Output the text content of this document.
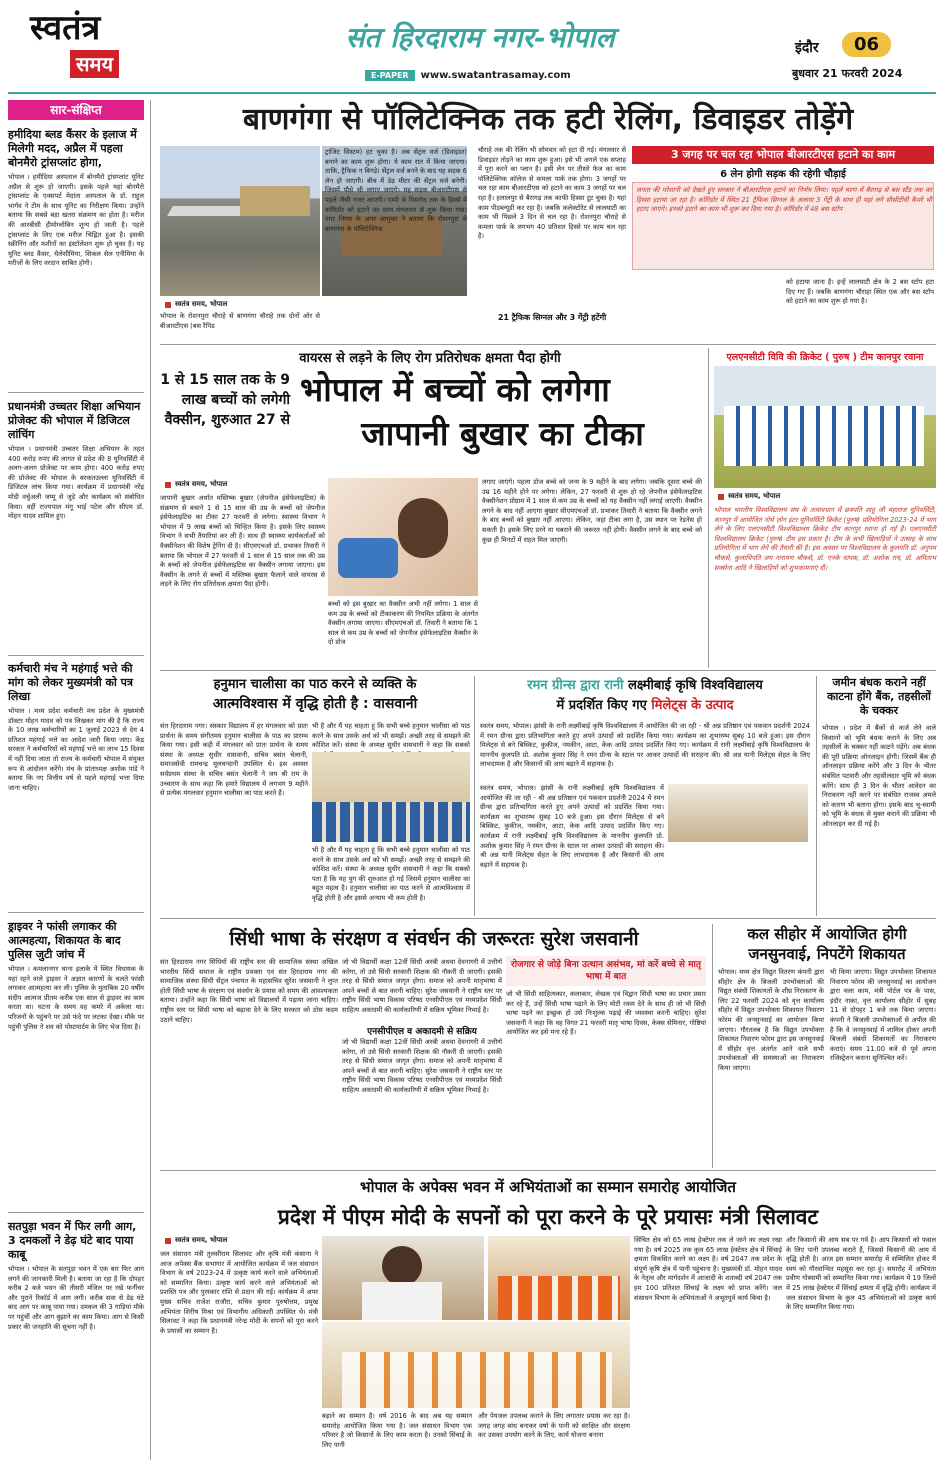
स्वतंत्र
समय
संत हिरदाराम नगर-भोपाल
E-PAPER	www.swatantrasamay.com
इंदौर	06
बुधवार 21 फरवरी 2024
सार-संक्षिप्त
हमीदिया ब्लड कैंसर के इलाज में मिलेगी मदद, अप्रैल में पहला बोनमैरो ट्रांसप्लांट होगा,
भोपाल । हमीदिया अस्पताल में बोनमैरो ट्रांसप्लांट यूनिट अप्रैल से शुरू हो जाएगी। इसके पहले यहां बोनमैरो ट्रांसप्लांट के एक्सपर्ट मेदांता अस्पताल के डॉ. राहुल भार्गव ने टीम के साथ यूनिट का निरीक्षण किया। उन्होंने बताया कि सबसे बड़ा खतरा संक्रमण का होता है। मरीज की आरबीसी हीमोग्लोबिन शून्य हो जाती है। पहले ट्रांसप्लांट के लिए एक मरीज चिह्नित हुआ है। इसकी स्क्रीनिंग और मशीनों का इंस्टॉलेशन शुरू हो चुका है। यह यूनिट ब्लड कैंसर, थैलेसीमिया, सिकल सेल एनीमिया के मरीजों के लिए वरदान साबित होगी।
प्रधानमंत्री उच्चतर शिक्षा अभियान प्रोजेक्ट की भोपाल में डिजिटल लांचिंग
भोपाल । प्रधानमंत्री उच्चतर शिक्षा अभियान के तहत 400 करोड़ रुपए की लागत से प्रदेश की 8 यूनिवर्सिटी में अलग-अलग प्रोजेक्ट पर काम होगा। 400 करोड़ रुपए की प्रोजेक्ट की भोपाल के बरकतउल्ला यूनिवर्सिटी में डिजिटल लांच किया गया। कार्यक्रम में प्रधानमंत्री नरेंद्र मोदी वर्चुअली जम्मू से जुड़े और कार्यक्रम को संबोधित किया। वहीं राज्यपाल मंगू भाई पटेल और सीएम डॉ. मोहन यादव शामिल हुए।
कर्मचारी मंच ने महंगाई भत्ते की मांग को लेकर मुख्यमंत्री को पत्र लिखा
भोपाल । मध्य प्रदेश कर्मचारी मंच प्रदेश के मुख्यमंत्री डॉक्टर मोहन यादव को पत्र लिखकर मांग की है कि राज्य के 10 लाख कर्मचारियों का 1 जुलाई 2023 से देय 4 प्रतिशत महंगाई भत्ते का आदेश जारी किया जाए। केंद्र सरकार ने कर्मचारियों को महंगाई भत्ते का लाभ 15 दिवस में नहीं दिया जाता तो राज्य के कर्मचारी भोपाल में संयुक्त रूप से आंदोलन करेंगे। मंच के प्रांताध्यक्ष अशोक पांडे ने बताया कि नए वित्तीय वर्ष से पहले महंगाई भत्ता दिया जाना चाहिए।
ड्राइवर ने फांसी लगाकर की आत्महत्या, शिकायत के बाद पुलिस जुटी जांच में
भोपाल । कमलानगर थाना इलाके में स्थित विधायक के यहां रहने वाले ड्राइवर ने अज्ञात कारणों के चलते फांसी लगाकर आत्महत्या कर ली। पुलिस के मुताबिक 20 वर्षीय संदीप आत्मज प्रीतम करीब एक साल से ड्राइवर का काम करता था। घटना के समय वह कमरे में अकेला था। परिजनों के पहुंचने पर उसे फंदे पर लटका देखा। मौके पर पहुंची पुलिस ने शव को पोस्टमार्टम के लिए भेज दिया है।
सतपुड़ा भवन में फिर लगी आग, 3 दमकलों ने डेढ़ घंटे बाद पाया काबू
भोपाल । भोपाल के सतपुड़ा भवन में एक बार फिर आग लगने की जानकारी मिली है। बताया जा रहा है कि दोपहर करीब 2 बजे भवन की तीसरी मंजिल पर रखे फर्नीचर और पुराने रिकॉर्ड में आग लगी। करीब सवा से डेढ़ घंटे बाद आग पर काबू पाया गया। दमकल की 3 गाड़ियां मौके पर पहुंचीं और आग बुझाने का काम किया। आग से किसी प्रकार की जनहानि की सूचना नहीं है।
बाणगंगा से पॉलिटेक्निक तक हटी रेलिंग, डिवाइडर तोड़ेंगे
स्वतंत्र समय, भोपाल
भोपाल के रोशनपुरा चौराहे से बाणगंगा चौराहे तक दोनों ओर से बीआरटीएस (बस रैपिड
ट्रांजिट सिस्टम) हट चुका है। अब सेंट्रल वर्ज (डिवाइडर) बनाने का काम शुरू होगा। ये काम रात में किया जाएगा। ताकि, ट्रैफिक न बिगड़े। सेंट्रल वर्ज बनने के बाद यह सड़क 6 लेन हो जाएगी। बीच में डेढ़ मीटर की सेंट्रल वर्ज बनेगी। जिसमें पौधे भी लगाए जाएंगे। यह सड़क बीआरटीएस से पहले जैसी नजर आएगी। एम्पी से मिसरोद तक के हिस्से में कॉरिडोर को हटाने का काम मंगलवार से शुरू किया गया। नगर निगम के अपर आयुक्त ने बताया कि रोशनपुरा से बाणगंगा के पॉलिटेक्निक
चौराहे तक की रेलिंग भी सोमवार को हटा दी गई। मंगलवार से डिवाइडर तोड़ने का काम शुरू हुआ। इसे भी अगले एक सप्ताह में पूरा करने का प्लान है। इसी लेन पर तीसरे फेज का काम पॉलिटेक्निक कॉलेज से कमला पार्क तक होगा। 3 जगहों पर चल रहा काम बीआरटीएस को हटाने का काम 3 जगहों पर चल रहा है। हलालपुर से बैरागढ़ तक काफी हिस्सा टूट चुका है। यहां काम पीडब्ल्यूडी कर रहा है। जबकि कलेक्टोरेट से लालघाटी का काम भी पिछले 3 दिन से चल रहा है। रोशनपुरा चौराहे से कमला पार्क के लगभग 40 प्रतिशत हिस्से पर काम चल रहा है।
21 ट्रैफिक सिग्नल और 3 गेंट्री हटेंगी
3 जगह पर चल रहा भोपाल बीआरटीएस हटाने का काम
6 लेन होगी सड़क की रहेगी चौड़ाई
जनता की परेशानी को देखते हुए सरकार ने बीआरटीएस हटाने का निर्णय लिया। पहले चरण में बैरागढ़ से बस स्टैंड तक का हिस्सा हटाया जा रहा है। कॉरिडोर में स्थित 21 ट्रैफिक सिग्नल के अलावा 3 गेंट्री के साथ ही यहां लगे सीसीटीवी कैमरे भी हटाए जाएंगे। इनको हटाने का काम भी शुरू कर दिया गया है। कॉरिडोर में 48 बस स्टॉप
को हटाया जाना है। इन्हें लालघाटी क्षेत्र के 2 बस स्टॉप हटा दिए गए हैं। जबकि बाणगंगा चौराहा स्थित एक और बस स्टॉप को हटाने का काम शुरू हो गया है।
वायरस से लड़ने के लिए रोग प्रतिरोधक क्षमता पैदा होगी
1 से 15 साल तक के 9 लाख बच्चों को लगेगी वैक्सीन, शुरुआत 27 से
भोपाल में बच्चों को लगेगा
जापानी बुखार का टीका
स्वतंत्र समय, भोपाल
जापानी बुखार अर्थात मस्तिष्क बुखार (जेपनीज इंसेफेलाइटिस) के संक्रमण से बचाने 1 से 15 साल की उम्र के बच्चों को जेपनीज इंसेफेलाइटिस का टीका 27 फरवरी से लगेगा। स्वास्थ्य विभाग ने भोपाल में 9 लाख बच्चों को चिन्हित किया है। इसके लिए स्वास्थ्य विभाग ने सभी तैयारियां कर ली हैं। साथ ही स्वास्थ्य कार्यकर्ताओं को वैक्सीनेशन की विशेष ट्रेनिंग दी है। सीएमएचओ डॉ. प्रभाकर तिवारी ने बताया कि भोपाल में 27 फरवरी से 1 साल से 15 साल तक की उम्र के बच्चों को जेपनीज इंसेफेलाइटिस का वैक्सीन लगाया जाएगा। इस वैक्सीन के लगने से बच्चों में मस्तिष्क बुखार फैलाने वाले वायरस से लड़ने के लिए रोग प्रतिरोधक क्षमता पैदा होगी।
बच्चों को इस बुखार का वैक्सीन अभी नहीं लगेगा। 1 साल से कम उम्र के बच्चों को टीकाकरण की नियमित प्रक्रिया के अंतर्गत वैक्सीन लगाया जाएगा। सीएमएचओ डॉ. तिवारी ने बताया कि 1 साल से कम उम्र के बच्चों को जेपनीज इंसेफेलाइटिस वैक्सीन के दो डोज
लगाए जाएंगे। पहला डोज बच्चे को जन्म के 9 महीने के बाद लगेगा। जबकि दूसरा बच्चे की उम्र 16 महीने होने पर लगेगा। लेकिन, 27 फरवरी से शुरू हो रहे जेपनीज इंसेफेलाइटिस वैक्सीनेशन प्रोग्राम में 1 साल से कम उम्र के बच्चों को यह वैक्सीन नहीं लगाई जाएगी। वैक्सीन लगने के बाद नहीं आएगा बुखार सीएमएचओ डॉ. प्रभाकर तिवारी ने बताया कि वैक्सीन लगने के बाद बच्चों को बुखार नहीं आएगा। लेकिन, जहां टीका लगा है, उस स्थान पर रेडनेस हो सकती है। इसके लिए डरने या घबराने की जरूरत नहीं होगी। वैक्सीन लगने के बाद बच्चे को कुछ ही मिनटों में राहत मिल जाएगी।
एलएनसीटी विवि की क्रिकेट ( पुरुष ) टीम कानपुर रवाना
स्वतंत्र समय, भोपाल
भोपाल भारतीय विश्वविद्यालय संघ के तत्वावधान में छत्रपति शाहू जी महाराज यूनिवर्सिटी, कानपुर में आयोजित नॉर्थ ज़ोन इंटर यूनिवर्सिटी क्रिकेट (पुरुष) प्रतियोगिता 2023-24 में भाग लेने के लिए एलएनसीटी विश्वविद्यालय क्रिकेट टीम कानपुर रवाना हो गई है। एलएनसीटी विश्वविद्यालय क्रिकेट (पुरुष) टीम इस प्रकार है। टीम के सभी खिलाड़ियों ने उत्साह के साथ प्रतियोगिता में भाग लेने की तैयारी की है। इस अवसर पर विश्वविद्यालय के कुलपति डॉ. अनुपम चौकसे, कुलाधिपति जय नारायण चौकसे, डॉ. एनके थापक, डॉ. अशोक राय, डॉ. अमिताभ सक्सेना आदि ने खिलाड़ियों को शुभकामनाएं दीं।
हनुमान चालीसा का पाठ करने से व्यक्ति के
आत्मविश्वास में वृद्धि होती है : वासवानी
संत हिरदाराम नगर। संस्कार विद्यालय में हर मंगलवार को प्रातः प्रार्थना के समय संगीतमय हनुमान चालीसा के पाठ का प्रारम्भ किया गया। इसी कड़ी में मंगलवार को प्रातः प्रार्थना के समय संस्था के अध्यक्ष सुधीर वासवानी, सचिव बसंत चेलानी, समाजसेवी रामचन्द्र मूलचन्दानी उपस्थित थे। इस अवसर सर्वप्रथम संस्था के सचिव बसंत चेलानी ने जय श्री राम के उच्चारण के साथ कहा कि हमारे विद्यालय में लगभग 9 महीने से प्रत्येक मंगलवार हनुमान चालीसा का पाठ करते हैं।
भी है और मैं यह चाहता हूं कि सभी बच्चे हनुमान चालीसा को पाठ करने के साथ उसके अर्थ को भी समझें। अच्छी तरह से समझने की कोशिश करें। संस्था के अध्यक्ष सुधीर वासवानी ने कहा कि सबको
भी है और मैं यह चाहता हूं कि सभी बच्चे हनुमान चालीसा को पाठ करने के साथ उसके अर्थ को भी समझें। अच्छी तरह से समझने की कोशिश करें। संस्था के अध्यक्ष सुधीर वासवानी ने कहा कि सबको पता है कि यह युग की शुरुआत हो गई जिसमें हनुमान चालीसा का बहुत महत्व है। हनुमान चालीसा का पाठ करने से आत्मविश्वास में वृद्धि होती है और इससे अन्याय भी कम होती है।
रमन ग्रीन्स द्वारा रानी लक्ष्मीबाई कृषि विश्वविद्यालय
में प्रदर्शित किए गए मिलेट्स के उत्पाद
स्वतंत्र समय, भोपाल। झांसी के रानी लक्ष्मीबाई कृषि विश्वविद्यालय में आयोजित की जा रही - श्री अन्न प्रतिष्ठान एवं पकवान प्रदर्शनी 2024 में रमन ग्रीन्स द्वारा प्रतिभागिता करते हुए अपने उत्पादों को प्रदर्शित किया गया। कार्यक्रम का शुभारम्भ सुबह 10 बजे हुआ। इस दौरान मिलेट्स से बने बिस्किट, कुकीज, नमकीन, आटा, केक आदि उत्पाद प्रदर्शित किए गए। कार्यक्रम में रानी लक्ष्मीबाई कृषि विश्वविद्यालय के माननीय कुलपति प्रो. अशोक कुमार सिंह ने रमन ग्रीन्स के स्टाल पर आकर उत्पादों की सराहना की। श्री अन्न यानी मिलेट्स सेहत के लिए लाभदायक है और किसानों की आय बढ़ाने में सहायक है।
स्वतंत्र समय, भोपाल। झांसी के रानी लक्ष्मीबाई कृषि विश्वविद्यालय में आयोजित की जा रही - श्री अन्न प्रतिष्ठान एवं पकवान प्रदर्शनी 2024 में रमन ग्रीन्स द्वारा प्रतिभागिता करते हुए अपने उत्पादों को प्रदर्शित किया गया। कार्यक्रम का शुभारम्भ सुबह 10 बजे हुआ। इस दौरान मिलेट्स से बने बिस्किट, कुकीज, नमकीन, आटा, केक आदि उत्पाद प्रदर्शित किए गए। कार्यक्रम में रानी लक्ष्मीबाई कृषि विश्वविद्यालय के माननीय कुलपति प्रो. अशोक कुमार सिंह ने रमन ग्रीन्स के स्टाल पर आकर उत्पादों की सराहना की। श्री अन्न यानी मिलेट्स सेहत के लिए लाभदायक है और किसानों की आय बढ़ाने में सहायक है।
जमीन बंधक कराने नहीं काटना होंगे बैंक, तहसीलों के चक्कर
भोपाल । प्रदेश में बैंकों से कर्ज लेने वाले किसानों को भूमि बंधक कराने के लिए अब तहसीलों के चक्कर नहीं काटने पड़ेंगे। अब बंधक की पूरी प्रक्रिया ऑनलाइन होगी। जिसमें बैंक ही ऑनलाइन प्रक्रिया करेंगे और 3 दिन के भीतर संबंधित पटवारी और तहसीलदार भूमि को बंधक करेंगे। साथ ही 3 दिन के भीतर आवेदन का निराकरण नहीं करने पर संबंधित राजस्व अमले को कारण भी बताना होगा। इसके बाद भू-स्वामी को भूमि के बंधक से मुक्त कराने की प्रक्रिया भी ऑनलाइन कर दी गई है।
सिंधी भाषा के संरक्षण व संवर्धन की जरूरतः सुरेश जसवानी
संत हिरदाराम नगर सिंधियों की राष्ट्रीय स्तर की सामाजिक संस्था अखिल भारतीय सिंधी समाज के राष्ट्रीय प्रवक्ता एवं संत हिरदाराम नगर की सामाजिक संस्था सिंधी सेंट्रल पंचायत के महासचिव सुरेश जसवानी ने लुप्त होती सिंधी भाषा के संरक्षण एवं संवर्धन के प्रयास को समय की आवश्यकता बताया। उन्होंने कहा कि सिंधी भाषा को विद्यालयों में पढ़ाया जाना चाहिए। राष्ट्रीय स्तर पर सिंधी भाषा को बढ़ावा देने के लिए सरकार को ठोस कदम उठाने चाहिए।
जो भी विद्यार्थी कक्षा 12वीं सिंधी अरबी अथवा देवनागरी में उत्तीर्ण करेगा, तो उसे सिंधी सरकारी शिक्षक की नौकरी दी जाएगी। इसकी तरह से सिंधी समाज जागृत होगा। समाज को अपनी मातृभाषा में अपने बच्चों से बात करनी चाहिए। सुरेश जसवानी ने राष्ट्रीय स्तर पर राष्ट्रीय सिंधी भाषा विकास परिषद एनसीपीएल एवं मध्यप्रदेश सिंधी साहित्य अकादमी की कार्यकारिणी में सक्रिय भूमिका निभाई है।
एनसीपीएल व अकादमी से सक्रिय
जो भी विद्यार्थी कक्षा 12वीं सिंधी अरबी अथवा देवनागरी में उत्तीर्ण करेगा, तो उसे सिंधी सरकारी शिक्षक की नौकरी दी जाएगी। इसकी तरह से सिंधी समाज जागृत होगा। समाज को अपनी मातृभाषा में अपने बच्चों से बात करनी चाहिए। सुरेश जसवानी ने राष्ट्रीय स्तर पर राष्ट्रीय सिंधी भाषा विकास परिषद एनसीपीएल एवं मध्यप्रदेश सिंधी साहित्य अकादमी की कार्यकारिणी में सक्रिय भूमिका निभाई है।
रोजगार से जोड़े बिना उत्थान असंभव, मां करें बच्चे से मातृ भाषा में बात
जो भी सिंधी साहित्यकार, कलाकार, लेखक एवं विद्वान सिंधी भाषा का प्रचार प्रसार कर रहे हैं, उन्हें सिंधी भाषा पढ़ाने के लिए मोटी रकम देने के साथ ही जो भी सिंधी भाषा पढ़ने का इच्छुक हो उसे निःशुल्क पढ़ाई की व्यवस्था करनी चाहिए। सुरेश जसवानी ने कहा कि वह विगत 21 फरवरी मातृ भाषा दिवस, केक्स सेमिनार, गोष्ठियां आयोजित कर इसे मना रहे हैं।
कल सीहोर में आयोजित होगी जनसुनवाई, निपटेंगे शिकायत
भोपाल। मध्य क्षेत्र विद्युत वितरण कंपनी द्वारा सीहोर क्षेत्र के बिजली उपभोक्ताओं की विद्युत संबंधी शिकायतों के शीघ्र निराकरण के लिए 22 फरवरी 2024 को वृत्त कार्यालय सीहोर में विद्युत उपभोक्ता शिकायत निवारण फोरम की जनसुनवाई का आयोजन किया जाएगा। गौरतलब है कि विद्युत उपभोक्ता शिकायत निवारण फोरम द्वारा इस जनसुनवाई में सीहोर वृत्त अंतर्गत आने वाले सभी उपभोक्ताओं की समस्याओं का निराकरण किया जाएगा।
भी किया जाएगा। विद्युत उपभोक्ता शिकायत निवारण फोरम की जनसुनवाई का आयोजन द्वारा चला काम, मंत्री पोर्टल पत्र के पास, इंदौर नाका, वृत्त कार्यालय सीहोर में सुबह 11 से दोपहर 1 बजे तक किया जाएगा। कंपनी ने बिजली उपभोक्ताओं से अपील की है कि वे जनसुनवाई में शामिल होकर अपनी बिजली संबंधी शिकायतों का निराकरण कराएं। समय 11.00 बजे से पूर्व अपना रजिस्ट्रेशन कराना सुनिश्चित करें।
भोपाल के अपेक्स भवन में अभियंताओं का सम्मान समारोह आयोजित
प्रदेश में पीएम मोदी के सपनों को पूरा करने के पूरे प्रयासः मंत्री सिलावट
स्वतंत्र समय, भोपाल
जल संसाधन मंत्री तुलसीराम सिलावट और कृषि मंत्री कंसाना ने आज अपेक्स बैंक सभागार में आयोजित कार्यक्रम में जल संसाधन विभाग के वर्ष 2023-24 में उत्कृष्ट कार्य करने वाले अभियंताओं को सम्मानित किया। उत्कृष्ट कार्य करने वाले अभियंताओं को प्रशस्ति पत्र और पुरस्कार राशि से प्रदान की गई। कार्यक्रम में अपर मुख्य सचिव राजेश राजौरा, सचिव कुमार पुरुषोत्तम, प्रमुख अभियंता शिरीष मिश्रा एवं विभागीय अधिकारी उपस्थित थे। मंत्री सिलावट ने कहा कि प्रधानमंत्री नरेन्द्र मोदी के सपनों को पूरा करने के प्रयासों का सम्मान है।
बढ़ाने का सम्मान है। वर्ष 2016 के बाद अब यह सम्मान समारोह आयोजित किया गया है। जल संसाधन विभाग एक परिवार है जो किसानों के लिए काम करता है। उनको सिंचाई के लिए पानी
और पेयजल उपलब्ध कराने के लिए लगातार प्रयास कर रहा है। जगह जगह बांध बनाकर वर्षा के पानी को संरक्षित और संरक्षण कर उसका उपयोग करने के लिए, कार्य योजना बनाना
सिंचित क्षेत्र को 65 लाख हेक्टेयर तक ले जाने का लक्ष्य रखा गया है। वर्ष 2025 तक कुल 65 लाख हेक्टेयर क्षेत्र में सिंचाई क्षमता विकसित करने का लक्ष्य है। वर्ष 2047 तक प्रदेश के संपूर्ण कृषि क्षेत्र में पानी पहुंचाना है। मुख्यमंत्री डॉ. मोहन यादव के नेतृत्व और मार्गदर्शन में आजादी के शताब्दी वर्ष 2047 तक हम 100 प्रतिशत सिंचाई के लक्ष्य को प्राप्त करेंगे। जल संसाधन विभाग के अभियंताओं ने अभूतपूर्व कार्य किया है।
और किसानों की आय सब पर गर्व है। आप किसानों को फसल के लिए पानी उपलब्ध कराते हैं, जिससे किसानों की आय में वृद्धि होती है। आज इस सम्मान समारोह में सम्मिलित होकर मैं स्वयं को गौरवान्वित महसूस कर रहा हूं। समारोह में अभियंता प्रवीण गोस्वामी को सम्मानित किया गया। कार्यक्रम में 19 जिलों में 25 लाख हेक्टेयर में सिंचाई क्षमता में वृद्धि होगी। कार्यक्रम में जल संसाधन विभाग के कुल 45 अभियंताओं को उत्कृष्ट कार्य के लिए सम्मानित किया गया।
